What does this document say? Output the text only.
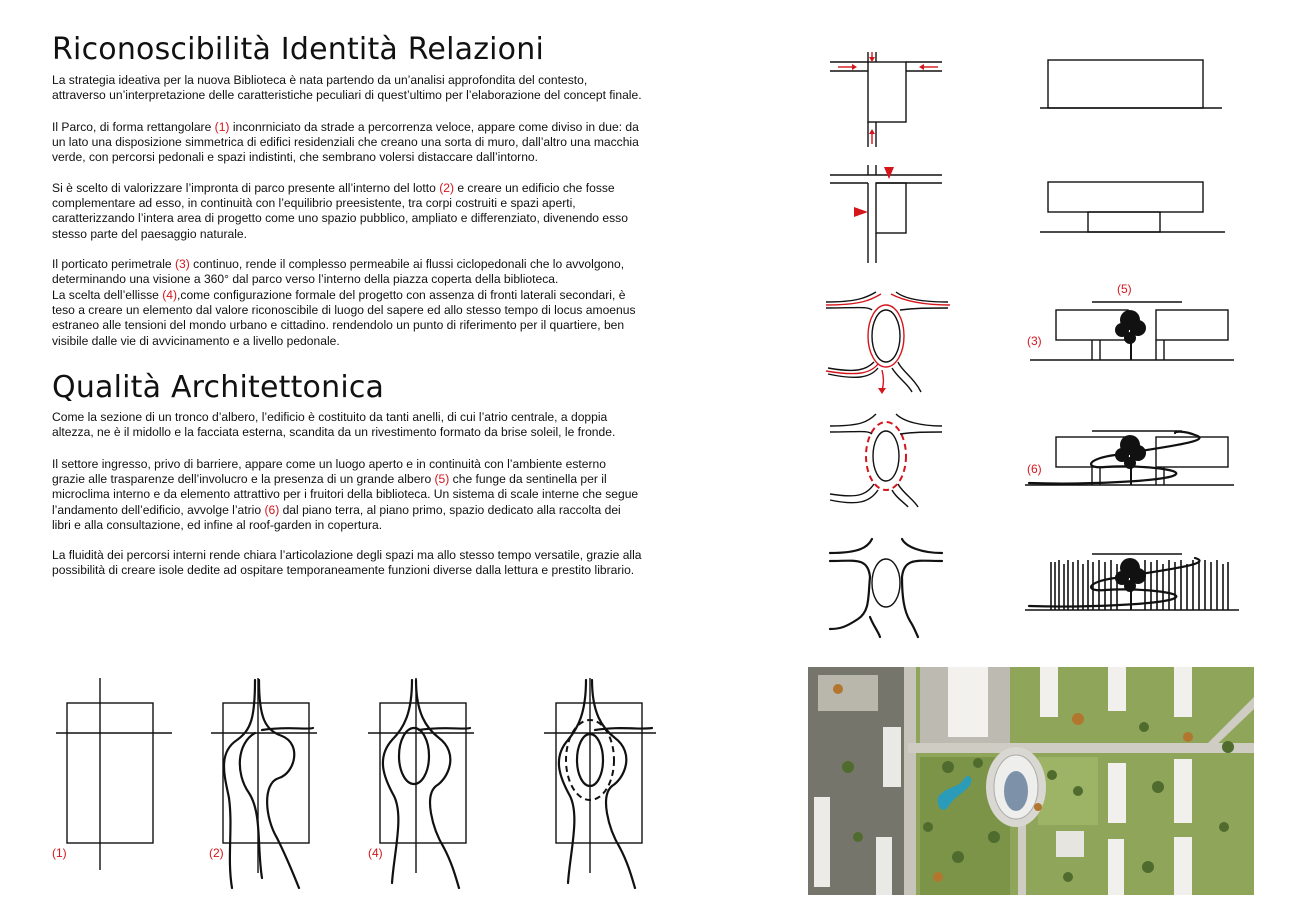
Riconoscibilità Identità Relazioni

La strategia ideativa per la nuova Biblioteca è nata partendo da un’analisi approfondita del contesto, attraverso un’interpretazione delle caratteristiche peculiari di quest’ultimo per l’elaborazione del concept finale.

Il Parco, di forma rettangolare (1) inconrniciato da strade a percorrenza veloce, appare come diviso in due: da un lato una disposizione simmetrica di edifici residenziali che creano una sorta di muro, dall’altro una macchia verde, con percorsi pedonali e spazi indistinti, che sembrano volersi distaccare dall’intorno.

Si è scelto di valorizzare l’impronta di parco presente all’interno del lotto (2) e creare un edificio che fosse complementare ad esso, in continuità con l’equilibrio preesistente, tra corpi costruiti e spazi aperti, caratterizzando l’intera area di progetto come uno spazio pubblico, ampliato e differenziato, divenendo esso stesso parte del paesaggio naturale.

Il porticato perimetrale (3) continuo, rende il complesso permeabile ai flussi ciclopedonali che lo avvolgono, determinando una visione a 360° dal parco verso l’interno della piazza coperta della biblioteca.

La scelta dell’ellisse (4),come configurazione formale del progetto con assenza di fronti laterali secondari, è teso a creare un elemento dal valore riconoscibile di luogo del sapere ed allo stesso tempo di locus amoenus estraneo alle tensioni del mondo urbano e cittadino. rendendolo un punto di riferimento per il quartiere, ben visibile dalle vie di avvicinamento e a livello pedonale.

Qualità Architettonica

Come la sezione di un tronco d’albero, l’edificio è costituito da tanti anelli, di cui l’atrio centrale, a doppia altezza, ne è il midollo e la facciata esterna, scandita da un rivestimento formato da brise soleil, le fronde.

Il settore ingresso, privo di barriere, appare come un luogo aperto e in continuità con l’ambiente esterno grazie alle trasparenze dell’involucro e la presenza di un grande albero (5) che funge da sentinella per il microclima interno e da elemento attrattivo per i fruitori della biblioteca. Un sistema di scale interne che segue l’andamento dell’edificio, avvolge l’atrio (6) dal piano terra, al piano primo, spazio dedicato alla raccolta dei libri e alla consultazione, ed infine al roof-garden in copertura.

La fluidità dei percorsi interni rende chiara l’articolazione degli spazi ma allo stesso tempo versatile, grazie alla possibilità di creare isole dedite ad ospitare temporaneamente funzioni diverse dalla lettura e prestito librario.

(1)	(2)	(4)
(5)
(3)
(6)
